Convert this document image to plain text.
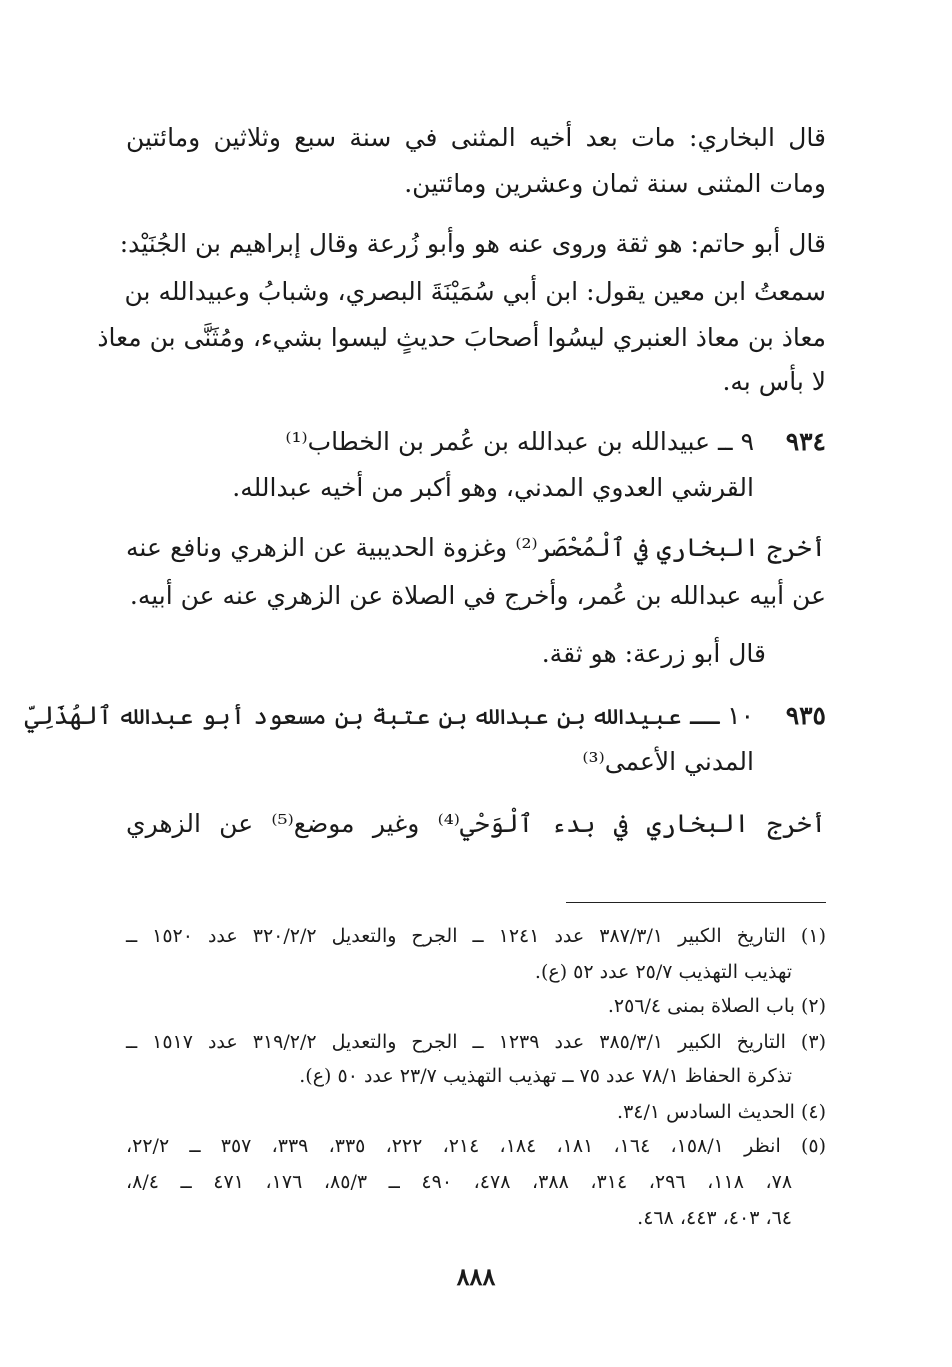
قال البخاري: مات بعد أخيه المثنى في سنة سبع وثلاثين ومائتين
ومات المثنى سنة ثمان وعشرين ومائتين.
قال أبو حاتم: هو ثقة وروى عنه هو وأبو زُرعة وقال إبراهيم بن الجُنَيْد:
سمعتُ ابن معين يقول: ابن أبي سُمَيْنَةَ البصري، وشبابُ وعبيدالله بن
معاذ بن معاذ العنبري ليسُوا أصحابَ حديثٍ ليسوا بشيء، ومُثَنَّى بن معاذ
لا بأس به.
٩٣٤
٩ ــ عبيدالله بن عبدالله بن عُمر بن الخطاب⁽¹⁾
القرشي العدوي المدني، وهو أكبر من أخيه عبدالله.
أخرج البخاري في ٱلْمُحْصَر⁽²⁾ وغزوة الحديبية عن الزهري ونافع عنه
عن أبيه عبدالله بن عُمر، وأخرج في الصلاة عن الزهري عنه عن أبيه.
قال أبو زرعة: هو ثقة.
٩٣٥
١٠ ــ عبيدالله بن عبدالله بن عتبة بن مسعود أبو عبدالله ٱلهُذَلِيّ
المدني الأعمى⁽³⁾
أخرج البخاري في بدء ٱلْوَحْي⁽⁴⁾ وغير موضع⁽⁵⁾ عن الزهري
(١) التاريخ الكبير ٣٨٧/٣/١ عدد ١٢٤١ ــ الجرح والتعديل ٣٢٠/٢/٢ عدد ١٥٢٠ ــ
تهذيب التهذيب ٢٥/٧ عدد ٥٢ (ع).
(٢) باب الصلاة بمنى ٢٥٦/٤.
(٣) التاريخ الكبير ٣٨٥/٣/١ عدد ١٢٣٩ ــ الجرح والتعديل ٣١٩/٢/٢ عدد ١٥١٧ ــ
تذكرة الحفاظ ٧٨/١ عدد ٧٥ ــ تهذيب التهذيب ٢٣/٧ عدد ٥٠ (ع).
(٤) الحديث السادس ٣٤/١.
(٥) انظر ١٥٨/١، ١٦٤، ١٨١، ١٨٤، ٢١٤، ٢٢٢، ٣٣٥، ٣٣٩، ٣٥٧ ــ ٢٢/٢،
٧٨، ١١٨، ٢٩٦، ٣١٤، ٣٨٨، ٤٧٨، ٤٩٠ ــ ٨٥/٣، ١٧٦، ٤٧١ ــ ٨/٤،
٦٤، ٤٠٣، ٤٤٣، ٤٦٨.
٨٨٨
